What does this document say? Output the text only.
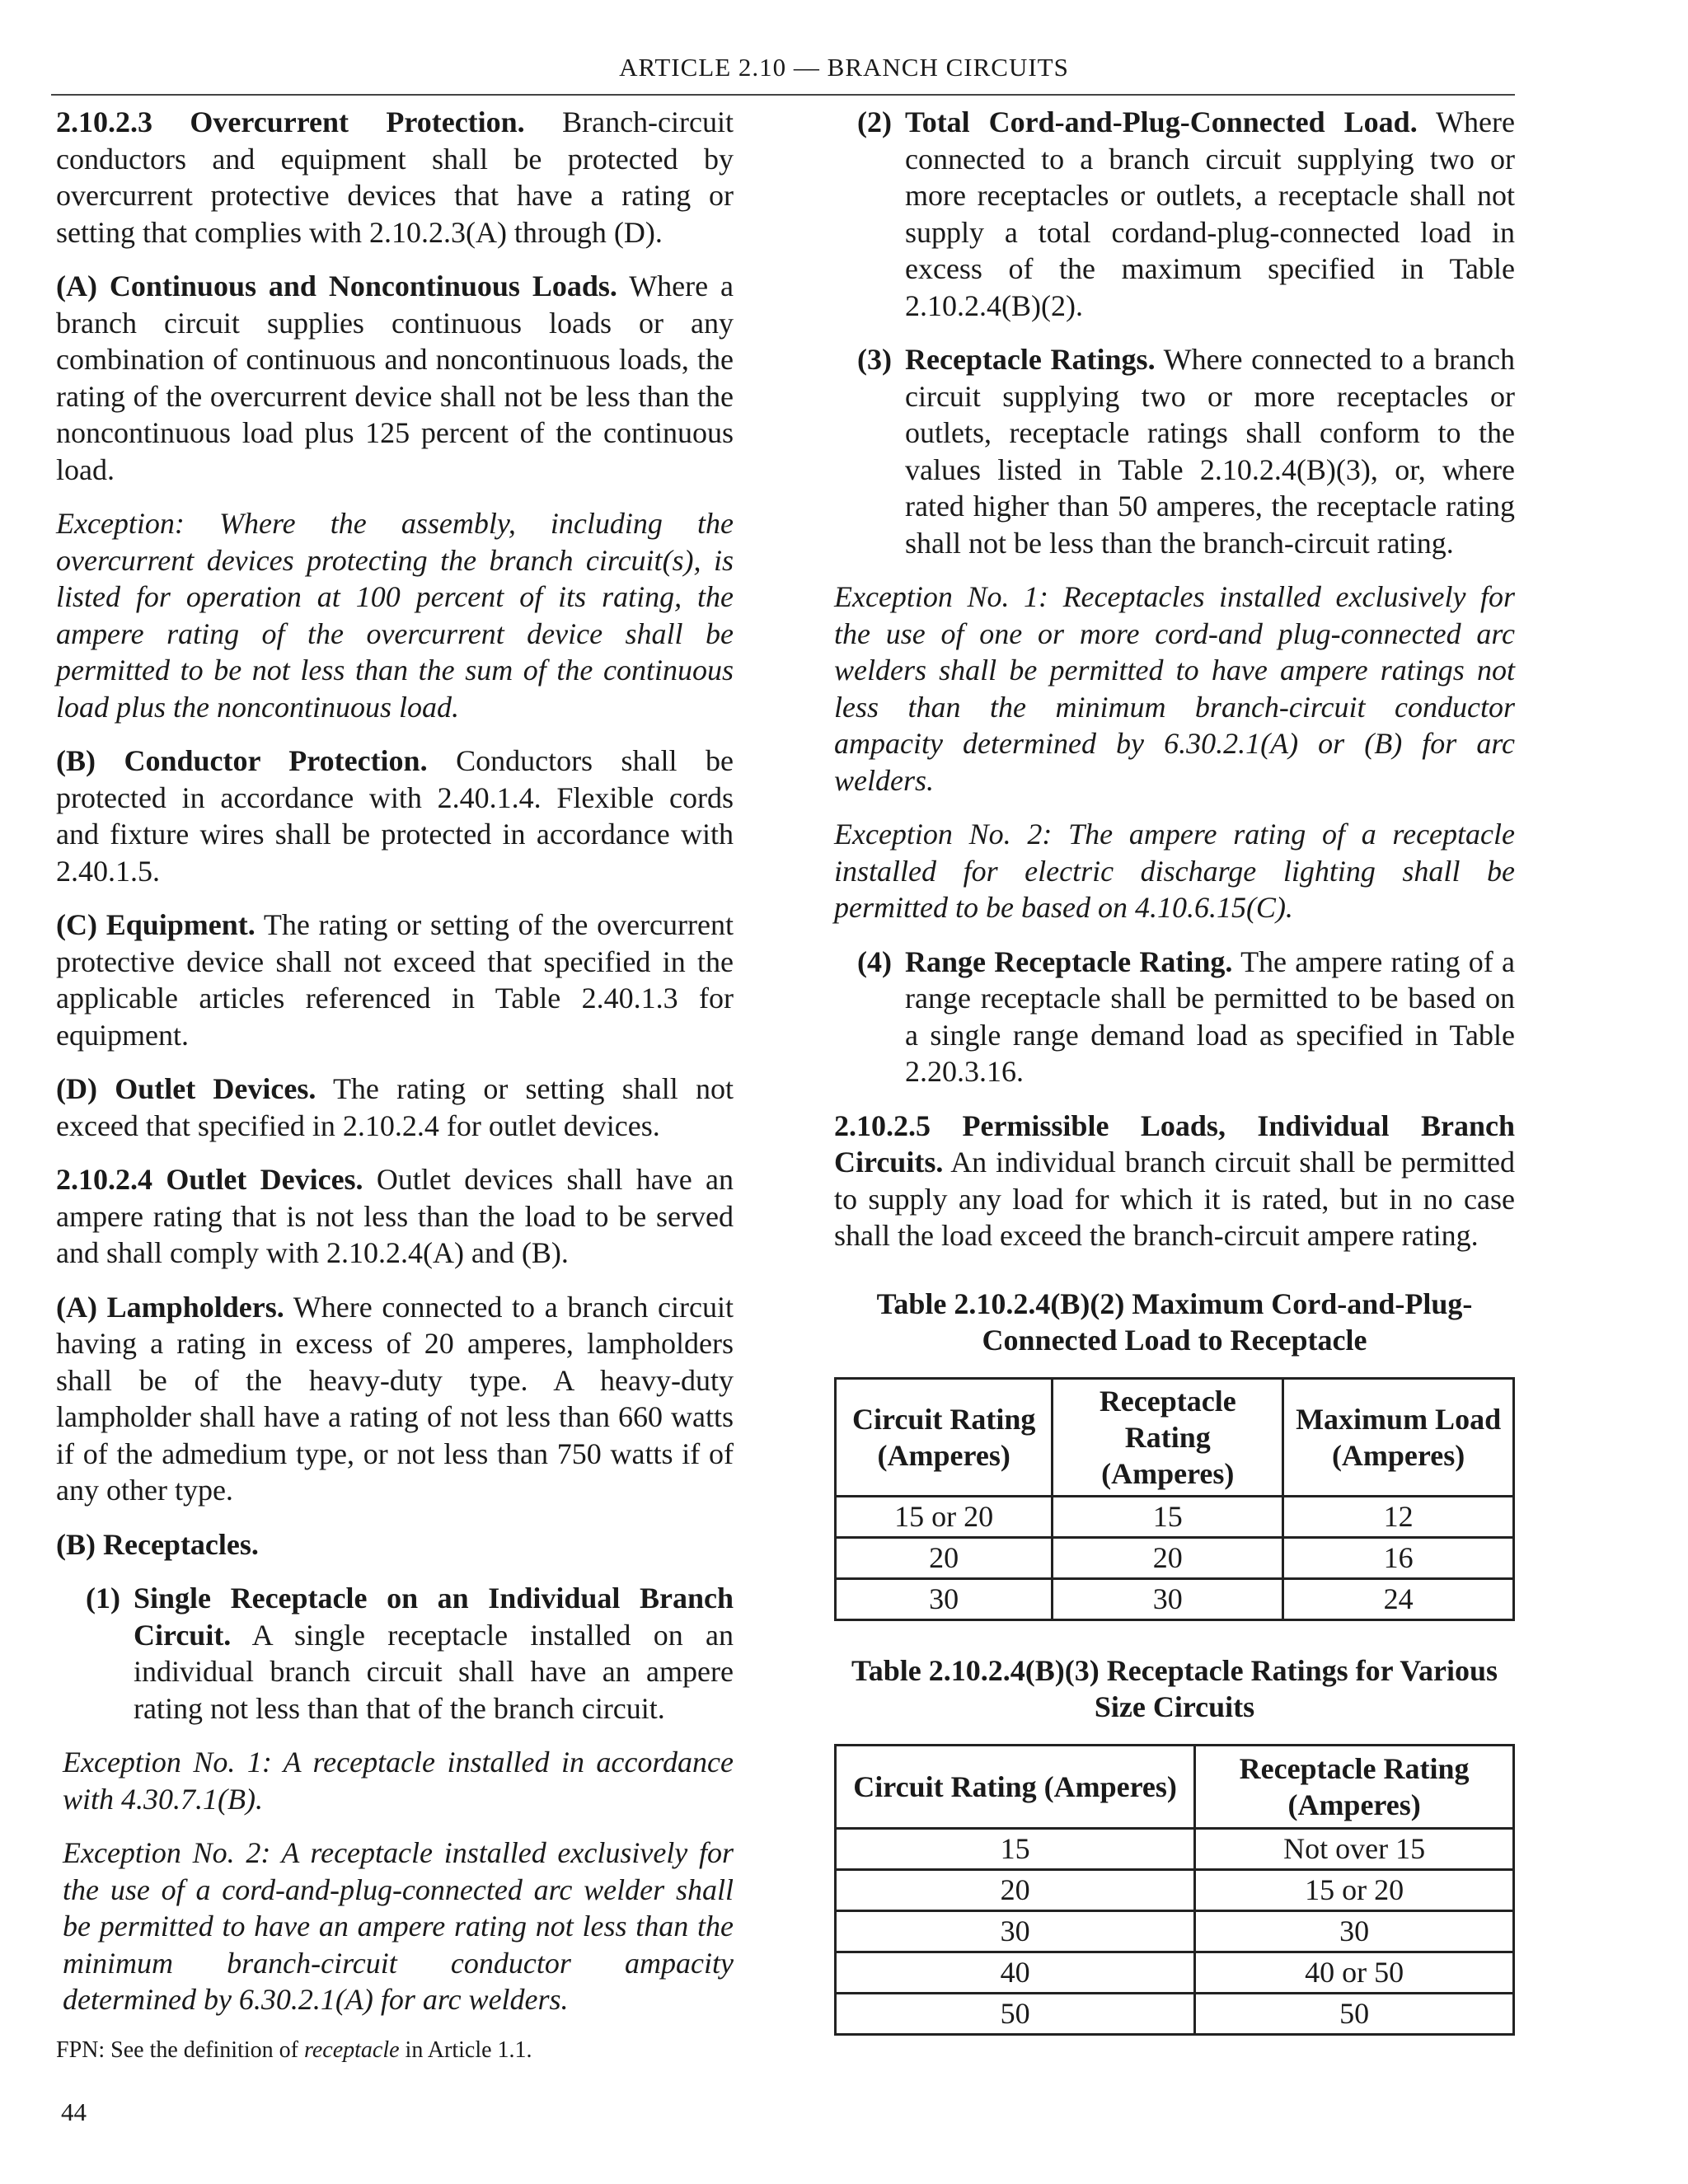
ARTICLE 2.10 — BRANCH CIRCUITS

2.10.2.3 Overcurrent Protection. Branch-circuit conductors and equipment shall be protected by overcurrent protective devices that have a rating or setting that complies with 2.10.2.3(A) through (D).

(A) Continuous and Noncontinuous Loads. Where a branch circuit supplies continuous loads or any combination of continuous and noncontinuous loads, the rating of the overcurrent device shall not be less than the noncontinuous load plus 125 percent of the continuous load.

Exception: Where the assembly, including the overcurrent devices protecting the branch circuit(s), is listed for operation at 100 percent of its rating, the ampere rating of the overcurrent device shall be permitted to be not less than the sum of the continuous load plus the noncontinuous load.

(B) Conductor Protection. Conductors shall be protected in accordance with 2.40.1.4. Flexible cords and fixture wires shall be protected in accordance with 2.40.1.5.

(C) Equipment. The rating or setting of the overcurrent protective device shall not exceed that specified in the applicable articles referenced in Table 2.40.1.3 for equipment.

(D) Outlet Devices. The rating or setting shall not exceed that specified in 2.10.2.4 for outlet devices.

2.10.2.4 Outlet Devices. Outlet devices shall have an ampere rating that is not less than the load to be served and shall comply with 2.10.2.4(A) and (B).

(A) Lampholders. Where connected to a branch circuit having a rating in excess of 20 amperes, lampholders shall be of the heavy-duty type. A heavy-duty lampholder shall have a rating of not less than 660 watts if of the admedium type, or not less than 750 watts if of any other type.

(B) Receptacles.

(1) Single Receptacle on an Individual Branch Circuit. A single receptacle installed on an individual branch circuit shall have an ampere rating not less than that of the branch circuit.

Exception No. 1: A receptacle installed in accordance with 4.30.7.1(B).

Exception No. 2: A receptacle installed exclusively for the use of a cord-and-plug-connected arc welder shall be permitted to have an ampere rating not less than the minimum branch-circuit conductor ampacity determined by 6.30.2.1(A) for arc welders.

FPN: See the definition of receptacle in Article 1.1.

(2) Total Cord-and-Plug-Connected Load. Where connected to a branch circuit supplying two or more receptacles or outlets, a receptacle shall not supply a total cordand-plug-connected load in excess of the maximum specified in Table 2.10.2.4(B)(2).
(3) Receptacle Ratings. Where connected to a branch circuit supplying two or more receptacles or outlets, receptacle ratings shall conform to the values listed in Table 2.10.2.4(B)(3), or, where rated higher than 50 amperes, the receptacle rating shall not be less than the branch-circuit rating.

Exception No. 1: Receptacles installed exclusively for the use of one or more cord-and plug-connected arc welders shall be permitted to have ampere ratings not less than the minimum branch-circuit conductor ampacity determined by 6.30.2.1(A) or (B) for arc welders.

Exception No. 2: The ampere rating of a receptacle installed for electric discharge lighting shall be permitted to be based on 4.10.6.15(C).

(4) Range Receptacle Rating. The ampere rating of a range receptacle shall be permitted to be based on a single range demand load as specified in Table 2.20.3.16.

2.10.2.5 Permissible Loads, Individual Branch Circuits. An individual branch circuit shall be permitted to supply any load for which it is rated, but in no case shall the load exceed the branch-circuit ampere rating.

Table 2.10.2.4(B)(2) Maximum Cord-and-Plug-Connected Load to Receptacle
Circuit Rating (Amperes)	Receptacle Rating (Amperes)	Maximum Load (Amperes)
15 or 20	15	12
20	20	16
30	30	24
Table 2.10.2.4(B)(3) Receptacle Ratings for Various Size Circuits
Circuit Rating (Amperes)	Receptacle Rating (Amperes)
15	Not over 15
20	15 or 20
30	30
40	40 or 50
50	50
44
